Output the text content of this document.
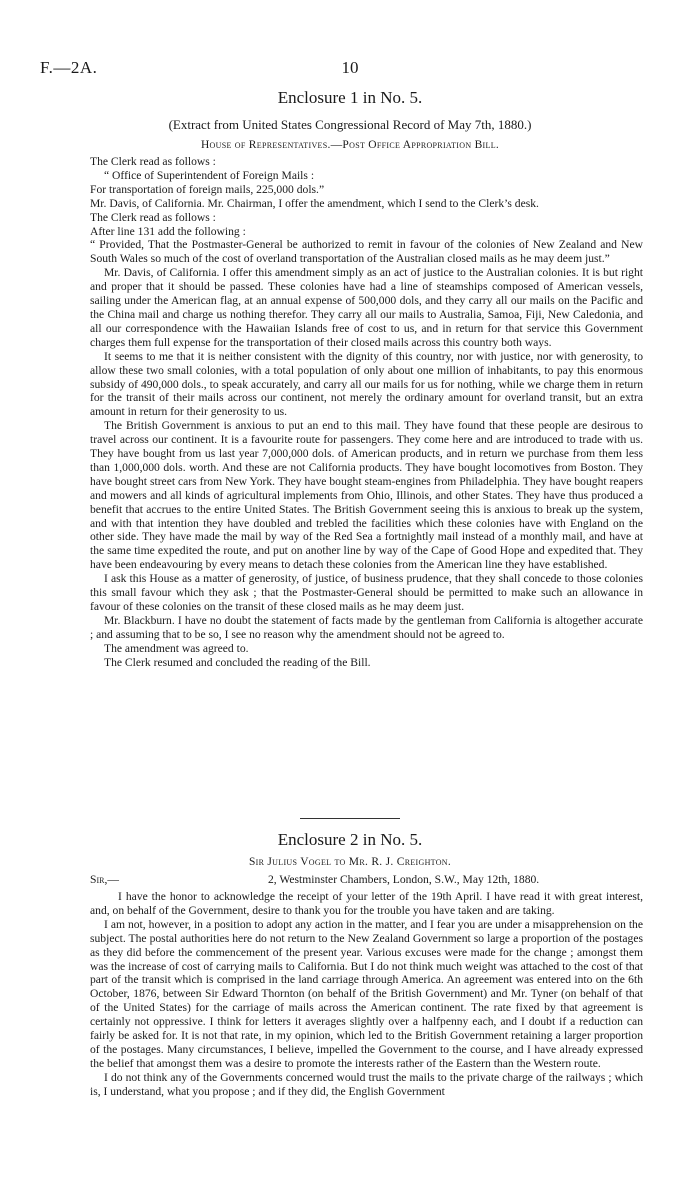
F.—2A.	10
Enclosure 1 in No. 5.
(Extract from United States Congressional Record of May 7th, 1880.)
House of Representatives.—Post Office Appropriation Bill.

The Clerk read as follows :

“ Office of Superintendent of Foreign Mails :

For transportation of foreign mails, 225,000 dols.”

Mr. Davis, of California. Mr. Chairman, I offer the amendment, which I send to the Clerk’s desk.

The Clerk read as follows :

After line 131 add the following :

“ Provided, That the Postmaster-General be authorized to remit in favour of the colonies of New Zealand and New South Wales so much of the cost of overland transportation of the Australian closed mails as he may deem just.”

Mr. Davis, of California. I offer this amendment simply as an act of justice to the Australian colonies. It is but right and proper that it should be passed. These colonies have had a line of steamships composed of American vessels, sailing under the American flag, at an annual expense of 500,000 dols, and they carry all our mails on the Pacific and the China mail and charge us nothing therefor. They carry all our mails to Australia, Samoa, Fiji, New Caledonia, and all our correspondence with the Hawaiian Islands free of cost to us, and in return for that service this Government charges them full expense for the transportation of their closed mails across this country both ways.

It seems to me that it is neither consistent with the dignity of this country, nor with justice, nor with generosity, to allow these two small colonies, with a total population of only about one million of inhabitants, to pay this enormous subsidy of 490,000 dols., to speak accurately, and carry all our mails for us for nothing, while we charge them in return for the transit of their mails across our continent, not merely the ordinary amount for overland transit, but an extra amount in return for their generosity to us.

The British Government is anxious to put an end to this mail. They have found that these people are desirous to travel across our continent. It is a favourite route for passengers. They come here and are introduced to trade with us. They have bought from us last year 7,000,000 dols. of American products, and in return we purchase from them less than 1,000,000 dols. worth. And these are not California products. They have bought locomotives from Boston. They have bought street cars from New York. They have bought steam-engines from Philadelphia. They have bought reapers and mowers and all kinds of agricultural implements from Ohio, Illinois, and other States. They have thus produced a benefit that accrues to the entire United States. The British Government seeing this is anxious to break up the system, and with that intention they have doubled and trebled the facilities which these colonies have with England on the other side. They have made the mail by way of the Red Sea a fortnightly mail instead of a monthly mail, and have at the same time expedited the route, and put on another line by way of the Cape of Good Hope and expedited that. They have been endeavouring by every means to detach these colonies from the American line they have established.

I ask this House as a matter of generosity, of justice, of business prudence, that they shall concede to those colonies this small favour which they ask ; that the Postmaster-General should be permitted to make such an allowance in favour of these colonies on the transit of these closed mails as he may deem just.

Mr. Blackburn. I have no doubt the statement of facts made by the gentleman from California is altogether accurate ; and assuming that to be so, I see no reason why the amendment should not be agreed to.

The amendment was agreed to.

The Clerk resumed and concluded the reading of the Bill.

Enclosure 2 in No. 5.
Sir Julius Vogel to Mr. R. J. Creighton.
Sir,—	2, Westminster Chambers, London, S.W., May 12th, 1880.

I have the honor to acknowledge the receipt of your letter of the 19th April. I have read it with great interest, and, on behalf of the Government, desire to thank you for the trouble you have taken and are taking.

I am not, however, in a position to adopt any action in the matter, and I fear you are under a misapprehension on the subject. The postal authorities here do not return to the New Zealand Government so large a proportion of the postages as they did before the commencement of the present year. Various excuses were made for the change ; amongst them was the increase of cost of carrying mails to California. But I do not think much weight was attached to the cost of that part of the transit which is comprised in the land carriage through America. An agreement was entered into on the 6th October, 1876, between Sir Edward Thornton (on behalf of the British Government) and Mr. Tyner (on behalf of that of the United States) for the carriage of mails across the American continent. The rate fixed by that agreement is certainly not oppressive. I think for letters it averages slightly over a halfpenny each, and I doubt if a reduction can fairly be asked for. It is not that rate, in my opinion, which led to the British Government retaining a larger proportion of the postages. Many circumstances, I believe, impelled the Government to the course, and I have already expressed the belief that amongst them was a desire to promote the interests rather of the Eastern than the Western route.

I do not think any of the Governments concerned would trust the mails to the private charge of the railways ; which is, I understand, what you propose ; and if they did, the English Government
